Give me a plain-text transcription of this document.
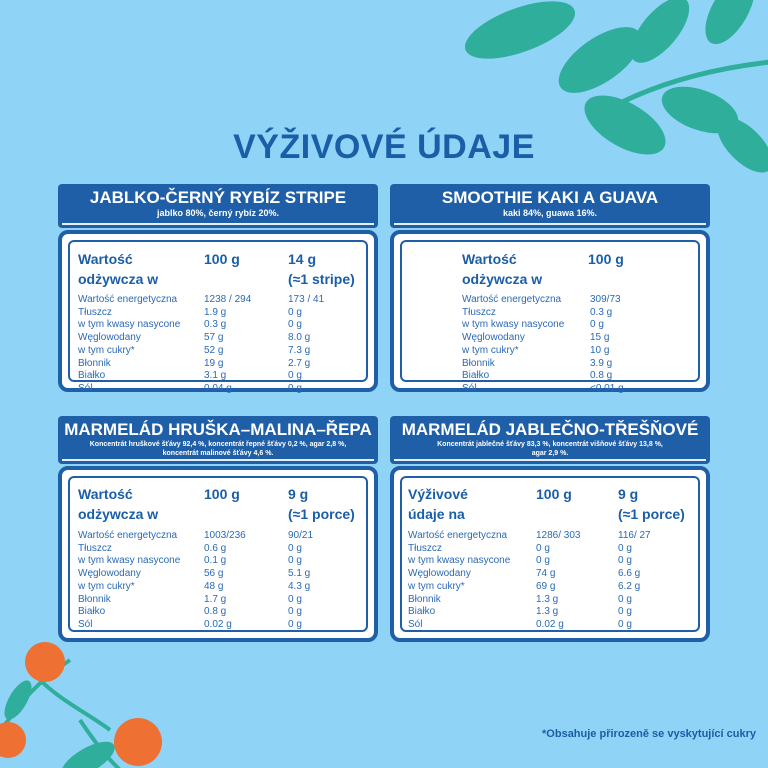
VÝŽIVOVÉ ÚDAJE
JABLKO-ČERNÝ RYBÍZ STRIPE
jablko 80%, černý rybíz 20%.
Wartość
odżywcza w
100 g	14 g
(≈1 stripe)
Wartość energetyczna	1238 / 294	173 / 41
Tłuszcz	1.9 g	0 g
w tym kwasy nasycone 0.3 g	0 g
Węglowodany	57 g	8.0 g
w tym cukry*	52 g	7.3 g
Błonnik	19 g	2.7 g
Białko	3.1 g	0 g
Sól	0.04 g	0 g
SMOOTHIE KAKI A GUAVA
kaki 84%, guawa 16%.
Wartość
odżywcza w
100 g
Wartość energetyczna	309/73
Tłuszcz	0.3 g
w tym kwasy nasycone	0 g
Węglowodany	15 g
w tym cukry*	10 g
Błonnik	3.9 g
Białko	0.8 g
Sól	<0.01 g
MARMELÁD HRUŠKA–MALINA–ŘEPA
Koncentrát hruškové šťávy 92,4 %, koncentrát řepné šťávy 0,2 %, agar 2,8 %,
koncentrát malinové šťávy 4,6 %.
Wartość
odżywcza w
100 g	9 g
(≈1 porce)
Wartość energetyczna	1003/236	90/21
Tłuszcz	0.6 g	0 g
w tym kwasy nasycone 0.1 g	0 g
Węglowodany	56 g	5.1 g
w tym cukry*	48 g	4.3 g
Błonnik	1.7 g	0 g
Białko	0.8 g	0 g
Sól	0.02 g	0 g
MARMELÁD JABLEČNO-TŘEŠŇOVÉ
Koncentrát jablečné šťávy 83,3 %, koncentrát višňové šťávy 13,8 %,
agar 2,9 %.
Výživové
údaje na
100 g	9 g
(≈1 porce)
Wartość energetyczna	1286/ 303	116/ 27
Tłuszcz	0 g	0 g
w tym kwasy nasycone	0 g	0 g
Węglowodany	74 g	6.6 g
w tym cukry*	69 g	6.2 g
Błonnik	1.3 g	0 g
Białko	1.3 g	0 g
Sól	0.02 g	0 g
*Obsahuje přirozeně se vyskytující cukry
